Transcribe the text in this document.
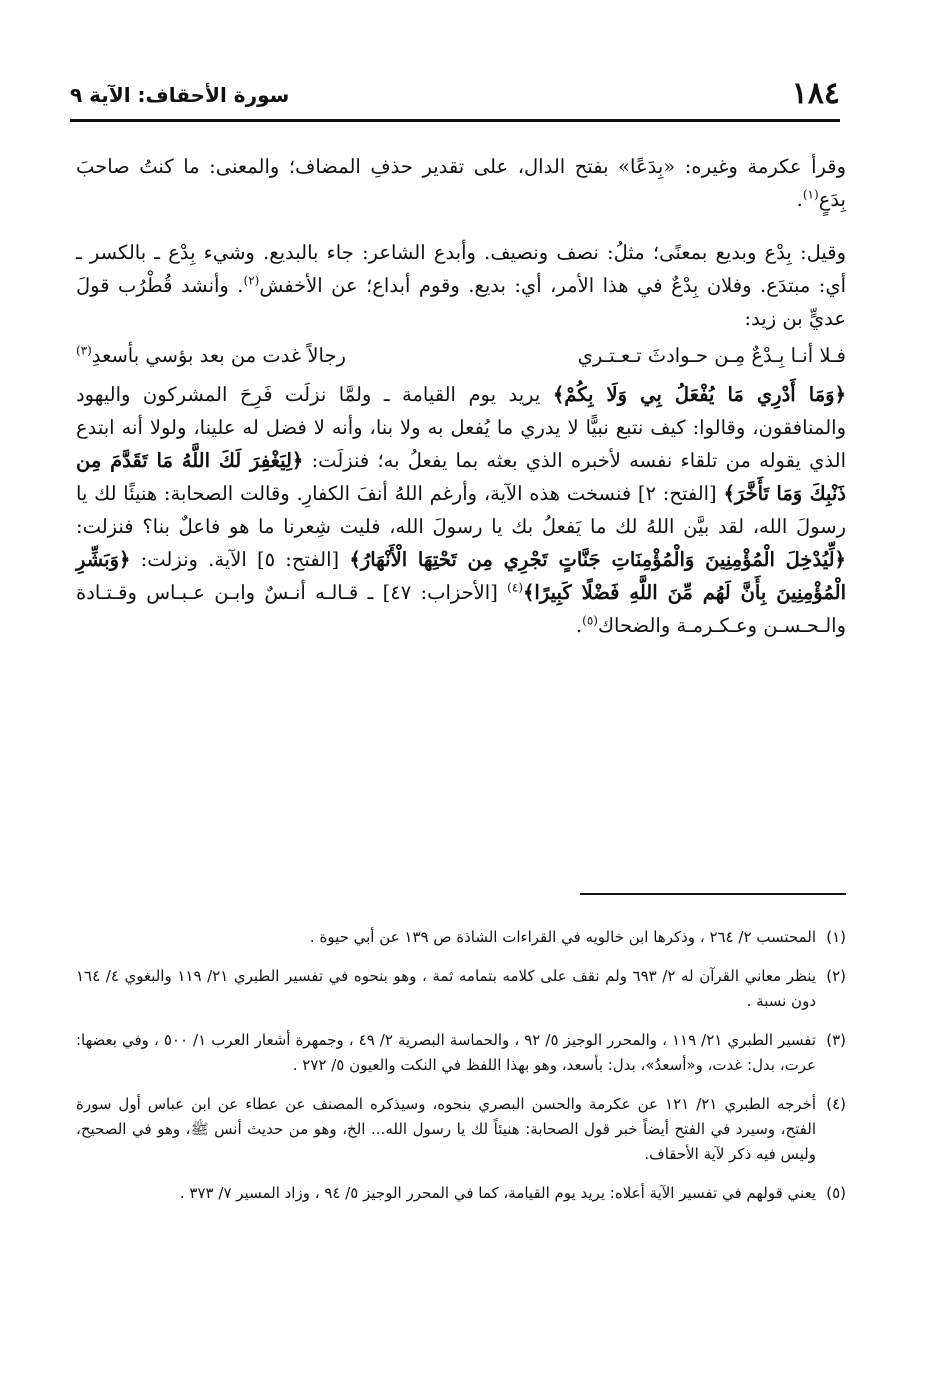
١٨٤
سورة الأحقاف: الآية ٩

وقرأ عكرمة وغيره: «بِدَعًا» بفتح الدال، على تقدير حذفِ المضاف؛ والمعنى: ما كنتُ صاحبَ بِدَعٍ$^{(١)}$.

وقيل: بِدْع وبديع بمعنًى؛ مثلُ: نصف ونصيف. وأبدع الشاعر: جاء بالبديع. وشيء بِدْع ـ بالكسر ـ أي: مبتدَع. وفلان بِدْعٌ في هذا الأمر، أي: بديع. وقوم أبداع؛ عن الأخفش$^{(٢)}$. وأنشد قُطْرُب قولَ عديٍّ بن زيد:

فـلا أنـا بِـدْعٌ مِـن حـوادثَ تـعـتـري
رجالاً غدت من بعد بؤسي بأسعدِ$^{(٣)}$

﴿وَمَا أَدْرِي مَا يُفْعَلُ بِي وَلَا بِكُمْ﴾ يريد يوم القيامة ـ ولمَّا نزلَت فَرِحَ المشركون واليهود والمنافقون، وقالوا: كيف نتبع نبيًّا لا يدري ما يُفعل به ولا بنا، وأنه لا فضل له علينا، ولولا أنه ابتدع الذي يقوله من تلقاء نفسه لأخبره الذي بعثه بما يفعلُ به؛ فنزلَت: ﴿لِيَغْفِرَ لَكَ اللَّهُ مَا تَقَدَّمَ مِن ذَنْبِكَ وَمَا تَأَخَّرَ﴾ [الفتح: ٢] فنسخت هذه الآية، وأرغم اللهُ أنفَ الكفارِ. وقالت الصحابة: هنيئًا لك يا رسولَ الله، لقد بيَّن اللهُ لك ما يَفعلُ بك يا رسولَ الله، فليت شِعرنا ما هو فاعلٌ بنا؟ فنزلت: ﴿لِّيُدْخِلَ الْمُؤْمِنِينَ وَالْمُؤْمِنَاتِ جَنَّاتٍ تَجْرِي مِن تَحْتِهَا الْأَنْهَارُ﴾ [الفتح: ٥] الآية. ونزلت: ﴿وَبَشِّرِ الْمُؤْمِنِينَ بِأَنَّ لَهُم مِّنَ اللَّهِ فَضْلًا كَبِيرًا﴾$^{(٤)}$ [الأحزاب: ٤٧] ـ قـالـه أنـسٌ وابـن عـبـاس وقـتـادة والـحـسـن وعـكـرمـة والضحاك$^{(٥)}$.

(١)
المحتسب ٢/ ٢٦٤ ، وذكرها ابن خالويه في القراءات الشاذة ص ١٣٩ عن أبي حيوة .
(٢)
ينظر معاني القرآن له ٢/ ٦٩٣ ولم نقف على كلامه بتمامه ثمة ، وهو بنحوه في تفسير الطبري ٢١/ ١١٩ والبغوي ٤/ ١٦٤ دون نسبة .
(٣)
تفسير الطبري ٢١/ ١١٩ ، والمحرر الوجيز ٥/ ٩٢ ، والحماسة البصرية ٢/ ٤٩ ، وجمهرة أشعار العرب ١/ ٥٠٠ ، وفي بعضها: عرت، بدل: غدت، و«أسعدُ»، بدل: بأسعد، وهو بهذا اللفظ في النكت والعيون ٥/ ٢٧٢ .
(٤)
أخرجه الطبري ٢١/ ١٢١ عن عكرمة والحسن البصري بنحوه، وسيذكره المصنف عن عطاء عن ابن عباس أول سورة الفتح، وسيرد في الفتح أيضاً خبر قول الصحابة: هنيئاً لك يا رسول الله... الخ، وهو من حديث أنس ﷺ، وهو في الصحيح، وليس فيه ذكر لآية الأحقاف.
(٥)
يعني قولهم في تفسير الآية أعلاه: يريد يوم القيامة، كما في المحرر الوجيز ٥/ ٩٤ ، وزاد المسير ٧/ ٣٧٣ .
